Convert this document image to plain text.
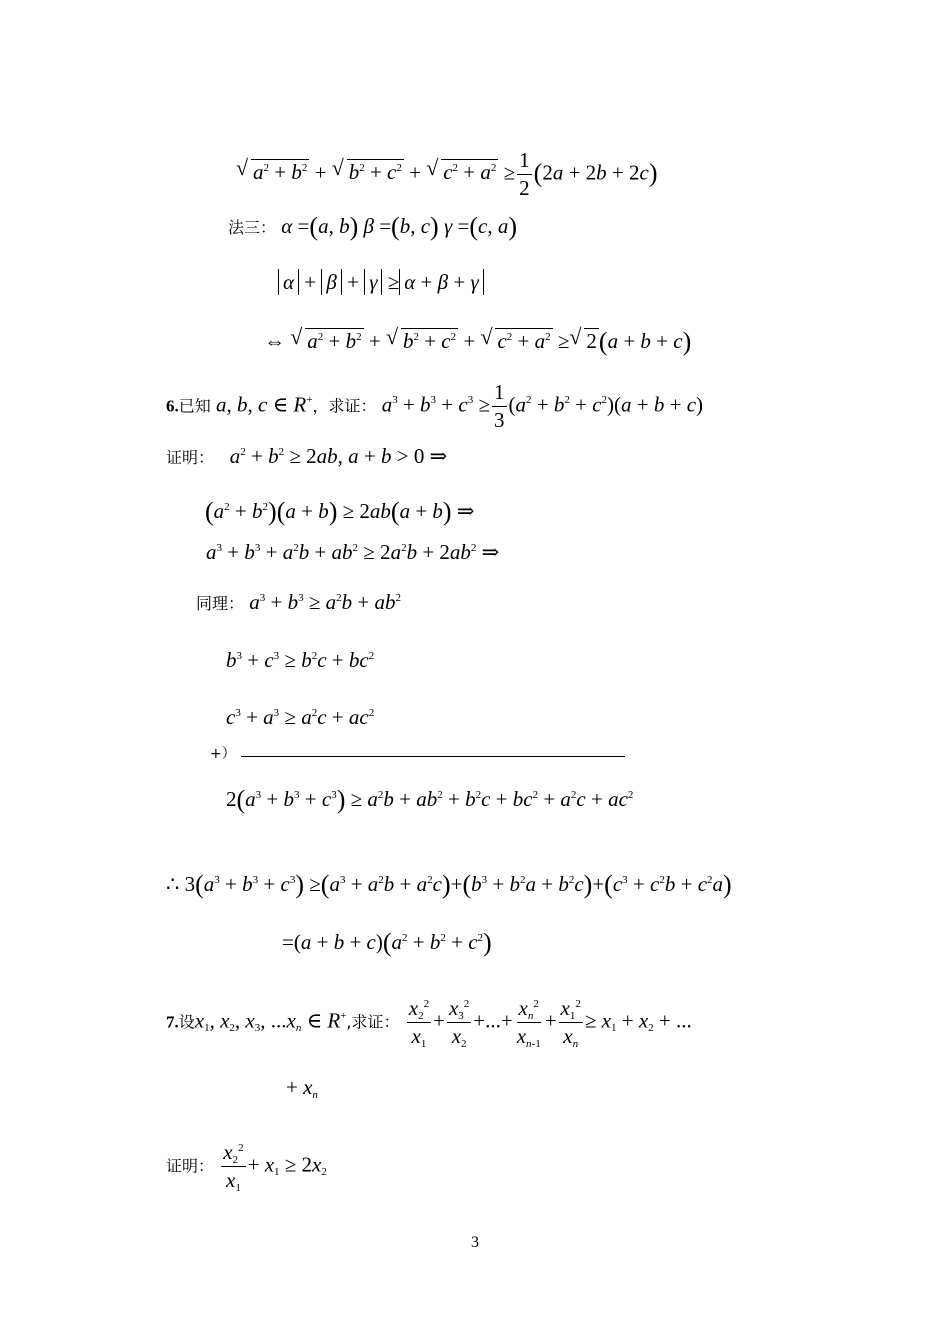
√ $a^2 + b^2$ + √ $b^2 + c^2$ + √ $c^2 + a^2 \ge \frac{1}{2} (2a + 2b + 2c)$
法三： α =(a, b) β =(b, c) γ =(c, a)
α + β + γ ≥ α + β + γ
⇔ √ $a^2 + b^2$ + √ $b^2 + c^2$ + √ $c^2 + a^2$ ≥√ 2(a + b + c)
6.已知 a, b, c ∈ R+，求证： $a^3 + b^3 + c^3 \ge \frac{1}{3} (a^2 + b^2 + c^2)(a + b + c)$
证明： $a^2 + b^2 \ge 2ab$, a + b > 0 ⇒
$(a^2 + b^2)(a + b) \ge 2ab(a + b)$ ⇒
$a^3 + b^3 + a^2b + ab^2 \ge 2a^2b + 2ab^2$ ⇒
同理： $a^3 + b^3 \ge a^2b + ab^2$
$b^3 + c^3 \ge b^2c + bc^2$
$c^3 + a^3 \ge a^2c + ac^2$
+）
$2(a^3 + b^3 + c^3) \ge a^2b + ab^2 + b^2c + bc^2 + a^2c + ac^2$
∴ $3(a^3 + b^3 + c^3) \ge(a^3 + a^2b + a^2c)+(b^3 + b^2a + b^2c)+(c^3 + c^2b + c^2a)$
$=(a + b + c)(a^2 + b^2 + c^2)$
7.设$x_1$, $x_2$, $x_3$, $...x_n$ ∈ R+,求证： $\frac{x_2^2}{x_1} + \frac{x_3^2}{x_2}$ +...+ $\frac{x_n^2}{x_{n-1}} + \frac{x_1^2}{x_n} \ge x_1 + x_2$ + ...
+ $x_n$
证明： $\frac{x_2^2}{x_1} + x_1 \ge 2x_2$
3
